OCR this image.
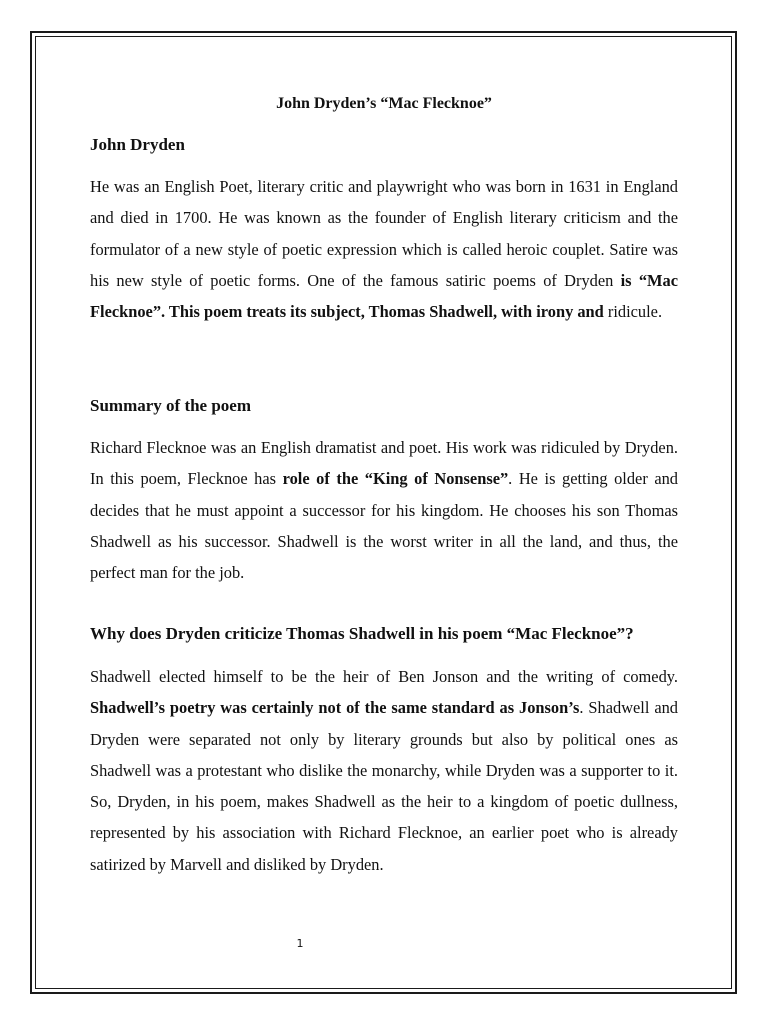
John Dryden’s “Mac Flecknoe”
John Dryden

He was an English Poet, literary critic and playwright who was born in 1631 in England and died in 1700. He was known as the founder of English literary criticism and the formulator of a new style of poetic expression which is called heroic couplet. Satire was his new style of poetic forms. One of the famous satiric poems of Dryden is “Mac Flecknoe”. This poem treats its subject, Thomas Shadwell, with irony and ridicule.

Summary of the poem

Richard Flecknoe was an English dramatist and poet. His work was ridiculed by Dryden. In this poem, Flecknoe has role of the “King of Nonsense”. He is getting older and decides that he must appoint a successor for his kingdom. He chooses his son Thomas Shadwell as his successor. Shadwell is the worst writer in all the land, and thus, the perfect man for the job.

Why does Dryden criticize Thomas Shadwell in his poem “Mac Flecknoe”?

Shadwell elected himself to be the heir of Ben Jonson and the writing of comedy. Shadwell’s poetry was certainly not of the same standard as Jonson’s. Shadwell and Dryden were separated not only by literary grounds but also by political ones as Shadwell was a protestant who dislike the monarchy, while Dryden was a supporter to it. So, Dryden, in his poem, makes Shadwell as the heir to a kingdom of poetic dullness, represented by his association with Richard Flecknoe, an earlier poet who is already satirized by Marvell and disliked by Dryden.

1
